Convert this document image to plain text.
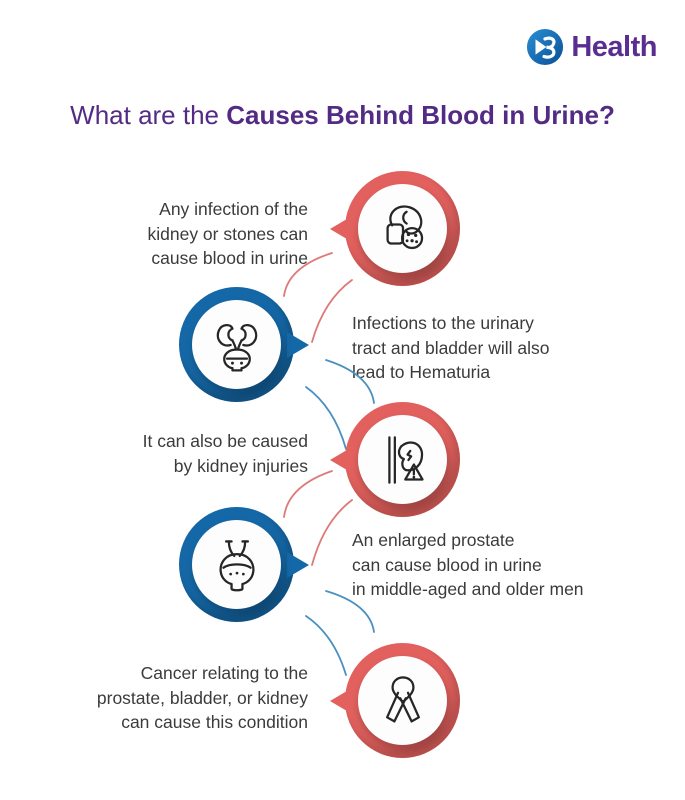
Health
What are the Causes Behind Blood in Urine?
Any infection of the
kidney or stones can
cause blood in urine
Infections to the urinary
tract and bladder will also
lead to Hematuria
It can also be caused
by kidney injuries
An enlarged prostate
can cause blood in urine
in middle-aged and older men
Cancer relating to the
prostate, bladder, or kidney
can cause this condition
